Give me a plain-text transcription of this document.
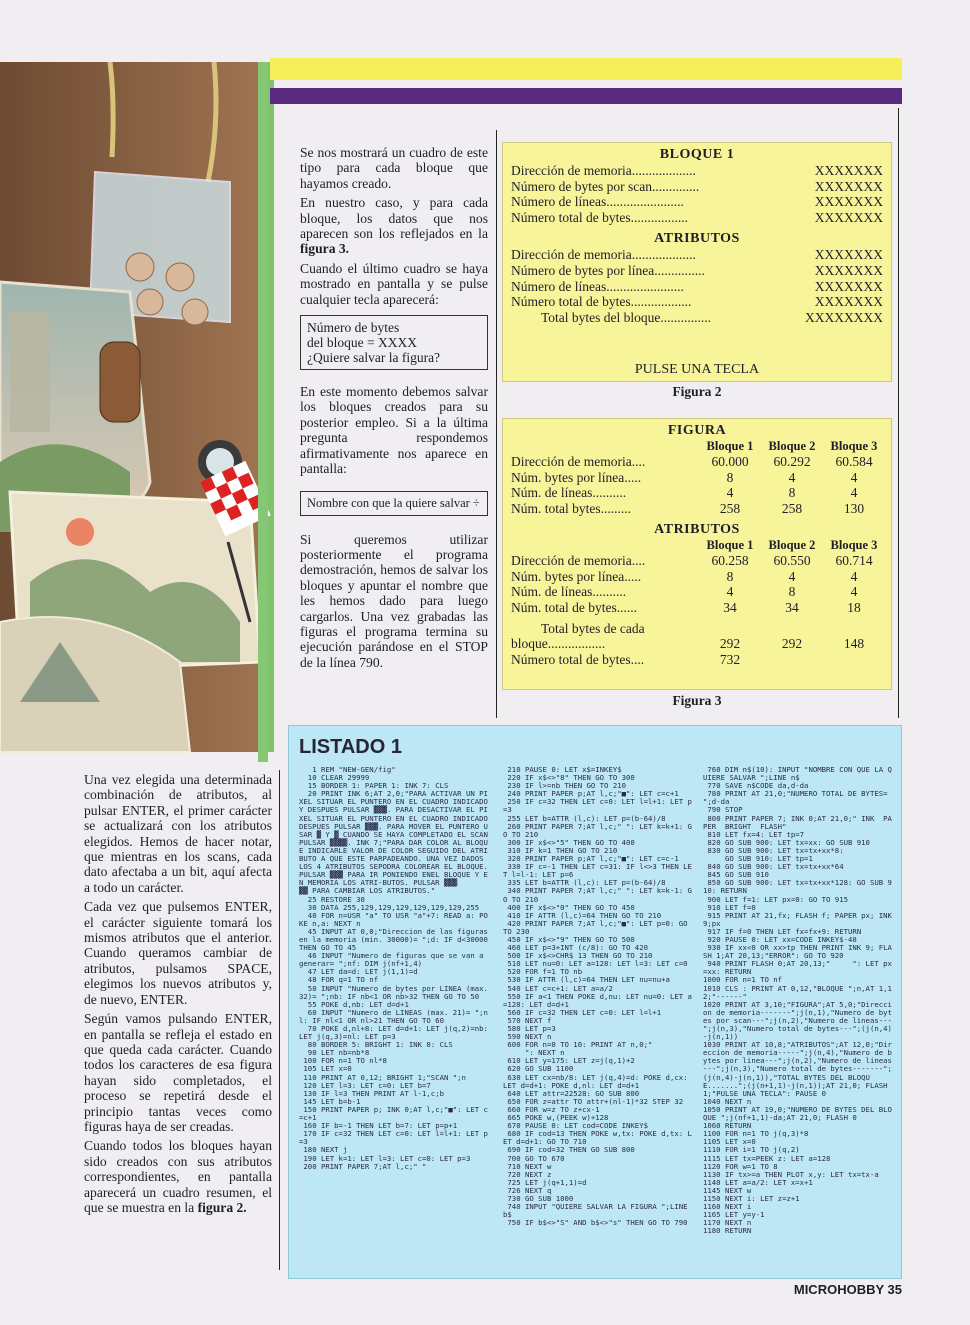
Se nos mostrará un cuadro de este tipo para cada bloque que hayamos creado.

En nuestro caso, y para cada bloque, los datos que nos aparecen son los reflejados en la figura 3.

Cuando el último cuadro se haya mostrado en pantalla y se pulse cualquier tecla aparecerá:

Número de bytes
del bloque = XXXX
¿Quiere salvar la figura?

En este momento debemos salvar los bloques creados para su posterior empleo. Si a la última pregunta respondemos afirmativamente nos aparece en pantalla:

Nombre con que la quiere salvar ÷

Si queremos utilizar posteriormente el programa demostración, hemos de salvar los bloques y apuntar el nombre que les hemos dado para luego cargarlos. Una vez grabadas las figuras el programa termina su ejecución parándose en el STOP de la línea 790.

BLOQUE 1
Dirección de memoria...................	XXXXXXX
Número de bytes por scan..............	XXXXXXX
Número de líneas.......................	XXXXXXX
Número total de bytes.................	XXXXXXX
ATRIBUTOS
Dirección de memoria...................	XXXXXXX
Número de bytes por línea...............	XXXXXXX
Número de líneas.......................	XXXXXXX
Número total de bytes..................	XXXXXXX
Total bytes del bloque...............	XXXXXXXX
PULSE UNA TECLA
Figura 2
FIGURA
	Bloque 1	Bloque 2	Bloque 3
Dirección de memoria....	60.000	60.292	60.584
Núm. bytes por línea.....	8	4	4
Núm. de líneas..........	4	8	4
Núm. total bytes.........	258	258	130
ATRIBUTOS
	Bloque 1	Bloque 2	Bloque 3
Dirección de memoria....	60.258	60.550	60.714
Núm. bytes por línea.....	8	4	4
Núm. de líneas..........	4	8	4
Núm. total de bytes......	34	34	18
Total bytes de cada			
bloque.................	292	292	148
Número total de bytes....	732		
Figura 3

Una vez elegida una determinada combinación de atributos, al pulsar ENTER, el primer carácter se actualizará con los atributos elegidos. Hemos de hacer notar, que mientras en los scans, cada dato afectaba a un bit, aquí afecta a todo un carácter.

Cada vez que pulsemos ENTER, el carácter siguiente tomará los mismos atributos que el anterior. Cuando queramos cambiar de atributos, pulsamos SPACE, elegimos los nuevos atributos y, de nuevo, ENTER.

Según vamos pulsando ENTER, en pantalla se refleja el estado en que queda cada carácter. Cuando todos los caracteres de esa figura hayan sido completados, el proceso se repetirá desde el principio tantas veces como figuras haya de ser creadas.

Cuando todos los bloques hayan sido creados con sus atributos correspondientes, en pantalla aparecerá un cuadro resumen, el que se muestra en la figura 2.

LISTADO 1
1 REM "NEW-GEN/fig"
10 CLEAR 29999
15 BORDER 1: PAPER 1: INK 7: CLS
20 PRINT INK 6;AT 2,0;"PARA ACTIVAR UN PIXEL SITUAR EL PUNTERO EN EL CUADRO INDICADO Y DESPUES PULSAR ▓▓▓. PARA DESACTIVAR EL PIXEL SITUAR EL PUNTERO EN EL CUADRO INDICADO DESPUES PULSAR ▓▓▓. PARA MOVER EL PUNTERO USAR ▓ Y ▓ CUANDO SE HAYA COMPLETADO EL SCAN PULSAR ▓▓▓▓. INK 7;"PARA DAR COLOR AL BLOQUE INDICARLE VALOR DE COLOR SEGUIDO DEL ATRIBUTO A QUE ESTE PARPADEANDO. UNA VEZ DADOS LOS 4 ATRIBUTOS SEPODRA COLOREAR EL BLOQUE. PULSAR ▓▓▓ PARA IR PONIENDO ENEL BLOQUE Y EN MEMORIA LOS ATRI-BUTOS. PULSAR ▓▓▓
▓▓ PARA CAMBIAR LOS ATRIBUTOS."
25 RESTORE 30
30 DATA 255,129,129,129,129,129,129,255
40 FOR n=USR "a" TO USR "a"+7: READ a: POKE n,a: NEXT n
45 INPUT AT 0,0;"Direccion de las figuras en la memoria (min. 30000)= ";d: IF d<30000 THEN GO TO 45
46 INPUT "Numero de figuras que se van a generar= ";nf: DIM j(nf+1,4)
47 LET da=d: LET j(1,1)=d
48 FOR q=1 TO nf
50 INPUT "Numero de bytes por LINEA (max. 32)= ";nb: IF nb<1 OR nb>32 THEN GO TO 50
55 POKE d,nb: LET d=d+1
60 INPUT "Numero de LINEAS (max. 21)= ";nl: IF nl<1 OR nl>21 THEN GO TO 60
70 POKE d,nl+8: LET d=d+1: LET j(q,2)=nb: LET j(q,3)=nl: LET p=3
80 BORDER 5: BRIGHT 1: INK 0: CLS
90 LET nb=nb*8
100 FOR n=1 TO nl*8
105 LET x=0
110 PRINT AT 0,12; BRIGHT 1;"SCAN ";n
120 LET l=3: LET c=0: LET b=7
130 IF l=3 THEN PRINT AT l-1,c;b
145 LET b=b-1
150 PRINT PAPER p; INK 0;AT l,c;"■": LET c=c+1
160 IF b=-1 THEN LET b=7: LET p=p+1
170 IF c=32 THEN LET c=0: LET l=l+1: LET p=3
180 NEXT j
190 LET k=1: LET l=3: LET c=0: LET p=3
200 PRINT PAPER 7;AT l,c;" "
210 PAUSE 0: LET x$=INKEY$
220 IF x$<>"8" THEN GO TO 300
230 IF l>=nb THEN GO TO 210
240 PRINT PAPER p;AT l,c;"■": LET c=c+1
250 IF c=32 THEN LET c=0: LET l=l+1: LET p=3
255 LET b=ATTR (l,c): LET p=(b-64)/8
260 PRINT PAPER 7;AT l,c;" ": LET k=k+1: GO TO 210
300 IF x$<>"5" THEN GO TO 400
310 IF k=1 THEN GO TO 210
320 PRINT PAPER p;AT l,c;"■": LET c=c-1
330 IF c=-1 THEN LET c=31: IF l<>3 THEN LET l=l-1: LET p=6
335 LET b=ATTR (l,c): LET p=(b-64)/8
340 PRINT PAPER 7;AT l,c;" ": LET k=k-1: GO TO 210
400 IF x$<>"0" THEN GO TO 450
410 IF ATTR (l,c)=64 THEN GO TO 210
420 PRINT PAPER 7;AT l,c;"■": LET p=0: GO TO 230
450 IF x$<>"9" THEN GO TO 500
460 LET p=3+INT (c/8): GO TO 420
500 IF x$<>CHR$ 13 THEN GO TO 210
510 LET nu=0: LET a=128: LET l=3: LET c=0
520 FOR f=1 TO nb
530 IF ATTR (l,c)=64 THEN LET nu=nu+a
540 LET c=c+1: LET a=a/2
550 IF a<1 THEN POKE d,nu: LET nu=0: LET a=128: LET d=d+1
560 IF c=32 THEN LET c=0: LET l=l+1
570 NEXT f
580 LET p=3
590 NEXT n
600 FOR n=0 TO 10: PRINT AT n,0;"
": NEXT n
610 LET y=175: LET z=j(q,1)+2
620 GO SUB 1100
630 LET cx=nb/8: LET j(q,4)=d: POKE d,cx: LET d=d+1: POKE d,nl: LET d=d+1
640 LET attr=22528: GO SUB 800
650 FOR z=attr TO attr+(nl-1)*32 STEP 32
660 FOR w=z TO z+cx-1
665 POKE w,(PEEK w)+128
670 PAUSE 0: LET cod=CODE INKEY$
680 IF cod=13 THEN POKE w,tx: POKE d,tx: LET d=d+1: GO TO 710
690 IF cod=32 THEN GO SUB 800
700 GO TO 670
710 NEXT w
720 NEXT z
725 LET j(q+1,1)=d
726 NEXT q
730 GO SUB 1000
740 INPUT "QUIERE SALVAR LA FIGURA ";LINE b$
750 IF b$<>"S" AND b$<>"s" THEN GO TO 790
760 DIM n$(10): INPUT "NOMBRE CON QUE LA QUIERE SALVAR ";LINE n$
770 SAVE n$CODE da,d-da
780 PRINT AT 21,0;"NUMERO TOTAL DE BYTES= ";d-da
790 STOP
800 PRINT PAPER 7; INK 0;AT 21,0;" INK  PAPER  BRIGHT  FLASH"
810 LET fx=4: LET tp=7
820 GO SUB 900: LET tx=xx: GO SUB 910
830 GO SUB 900: LET tx=tx+xx*8:
GO SUB 910: LET tp=1
840 GO SUB 900: LET tx=tx+xx*64
845 GO SUB 910
850 GO SUB 900: LET tx=tx+xx*128: GO SUB 910: RETURN
900 LET f=1: LET px=0: GO TO 915
910 LET f=0
915 PRINT AT 21,fx; FLASH f; PAPER px; INK 9;px
917 IF f=0 THEN LET fx=fx+9: RETURN
920 PAUSE 0: LET xx=CODE INKEY$-48
930 IF xx<0 OR xx>tp THEN PRINT INK 9; FLASH 1;AT 20,13;"ERROR": GO TO 920
940 PRINT FLASH 0;AT 20,13;"     ": LET px=xx: RETURN
1000 FOR n=1 TO nf
1010 CLS : PRINT AT 0,12,"BLOQUE ";n,AT 1,12;"------"
1020 PRINT AT 3,10;"FIGURA";AT 5,0;"Direccion de memoria-------";j(n,1),"Numero de bytes por scan---";j(n,2),"Numero de lineas---";j(n,3),"Numero total de bytes---";(j(n,4)-j(n,1))
1030 PRINT AT 10,8;"ATRIBUTOS";AT 12,0;"Direccion de memoria-----";j(n,4),"Numero de bytes por linea---";j(n,2),"Numero de lineas---";j(n,3),"Numero total de bytes-------";(j(n,4)-j(n,1)),"TOTAL BYTES DEL BLOQUE.......";(j(n+1,1)-j(n,1));AT 21,0; FLASH 1;"PULSE UNA TECLA": PAUSE 0
1040 NEXT n
1050 PRINT AT 19,0;"NUMERO DE BYTES DEL BLOQUE ";j(nf+1,1)-da;AT 21,0; FLASH 0
1060 RETURN
1100 FOR n=1 TO j(q,3)*8
1105 LET x=0
1110 FOR i=1 TO j(q,2)
1115 LET tx=PEEK z: LET a=128
1120 FOR w=1 TO 8
1130 IF tx>=a THEN PLOT x,y: LET tx=tx-a
1140 LET a=a/2: LET x=x+1
1145 NEXT w
1150 NEXT i: LET z=z+1
1160 NEXT i
1165 LET y=y-1
1170 NEXT n
1180 RETURN
MICROHOBBY 35
